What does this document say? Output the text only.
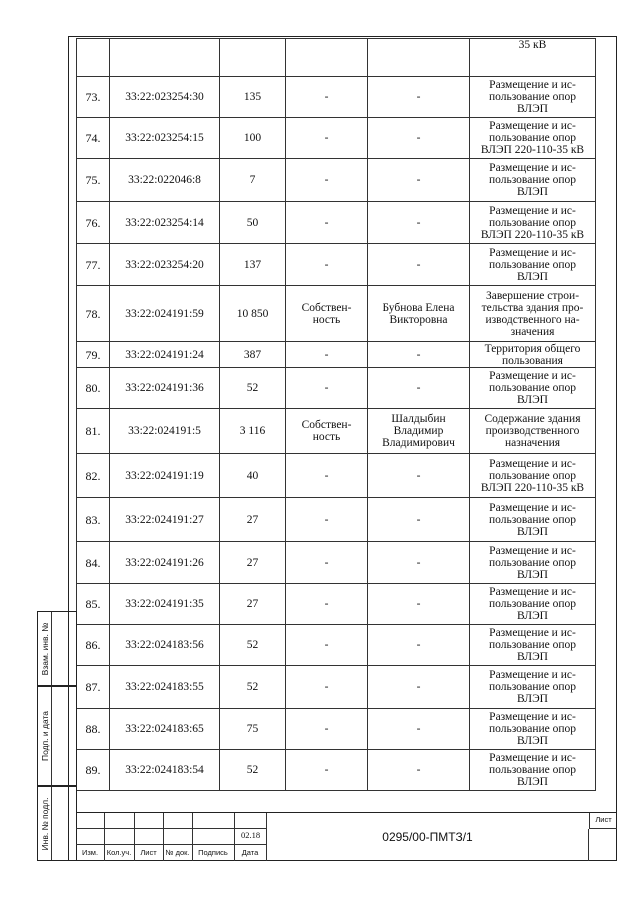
					35 кВ
73.	33:22:023254:30	135	-	-	Размещение и ис-
пользование опор
ВЛЭП
74.	33:22:023254:15	100	-	-	Размещение и ис-
пользование опор
ВЛЭП 220-110-35 кВ
75.	33:22:022046:8	7	-	-	Размещение и ис-
пользование опор
ВЛЭП
76.	33:22:023254:14	50	-	-	Размещение и ис-
пользование опор
ВЛЭП 220-110-35 кВ
77.	33:22:023254:20	137	-	-	Размещение и ис-
пользование опор
ВЛЭП
78.	33:22:024191:59	10 850	Собствен-
ность	Бубнова Елена
Викторовна	Завершение строи-
тельства здания про-
изводственного на-
значения
79.	33:22:024191:24	387	-	-	Территория общего
пользования
80.	33:22:024191:36	52	-	-	Размещение и ис-
пользование опор
ВЛЭП
81.	33:22:024191:5	3 116	Собствен-
ность	Шалдыбин
Владимир
Владимирович	Содержание здания
производственного
назначения
82.	33:22:024191:19	40	-	-	Размещение и ис-
пользование опор
ВЛЭП 220-110-35 кВ
83.	33:22:024191:27	27	-	-	Размещение и ис-
пользование опор
ВЛЭП
84.	33:22:024191:26	27	-	-	Размещение и ис-
пользование опор
ВЛЭП
85.	33:22:024191:35	27	-	-	Размещение и ис-
пользование опор
ВЛЭП
86.	33:22:024183:56	52	-	-	Размещение и ис-
пользование опор
ВЛЭП
87.	33:22:024183:55	52	-	-	Размещение и ис-
пользование опор
ВЛЭП
88.	33:22:024183:65	75	-	-	Размещение и ис-
пользование опор
ВЛЭП
89.	33:22:024183:54	52	-	-	Размещение и ис-
пользование опор
ВЛЭП
Взам. инв. №
Подп. и дата
Инв. № подл.	02.18
Изм.	Кол.уч.	Лист	№ док.	Подпись	Дата
0295/00-ПМТЗ/1
Лист
